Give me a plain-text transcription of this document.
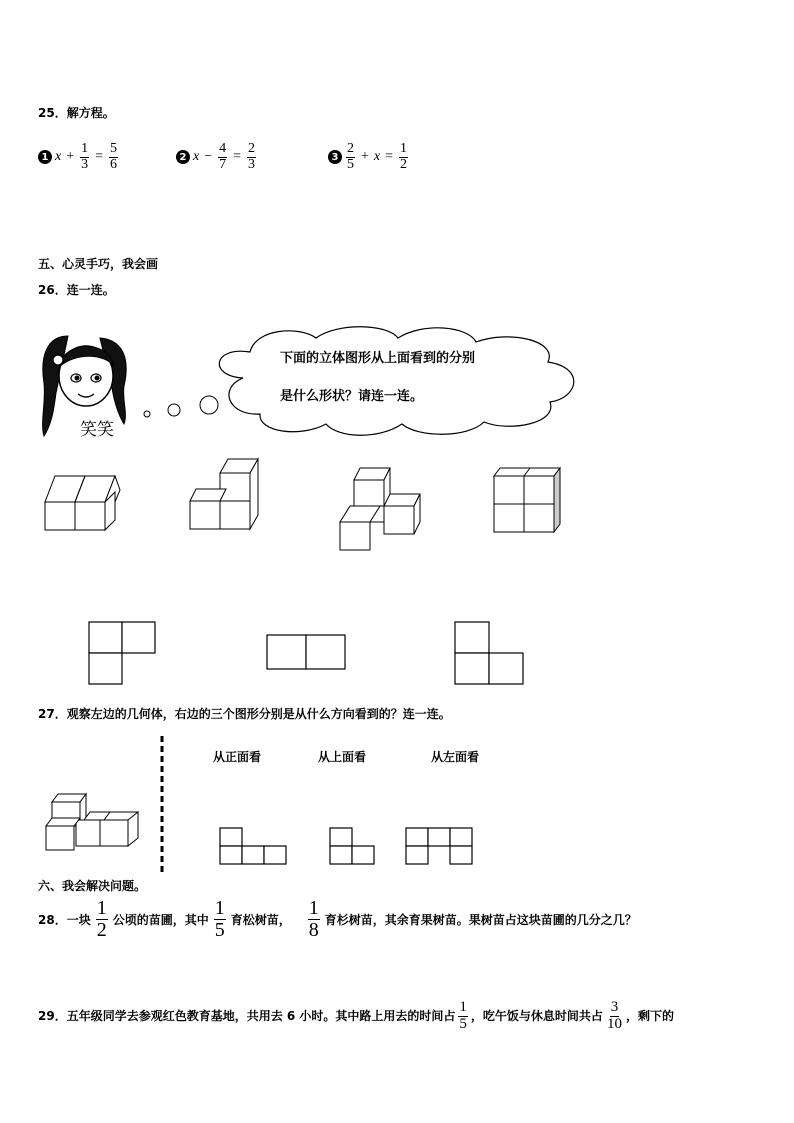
25．解方程。
1 $x + \frac{1}{3} = \frac{5}{6}$	2 $x - \frac{4}{7} = \frac{2}{3}$	$3 \frac{2}{5} + x = \frac{1}{2}$
五、心灵手巧，我会画
26．连一连。
下面的立体图形从上面看到的分别
是什么形状？请连一连。
笑笑
27．观察左边的几何体，右边的三个图形分别是从什么方向看到的？连一连。
从正面看	从上面看	从左面看
六、我会解决问题。
28．一块 $\frac{1}{2}$ 公顷的苗圃，其中 $\frac{1}{5}$ 育松树苗， $\frac{1}{8}$ 育杉树苗，其余育果树苗。果树苗占这块苗圃的几分之几？
29．五年级同学去参观红色教育基地，共用去 6 小时。其中路上用去的时间占 $\frac{1}{5}$ ，吃午饭与休息时间共占 $\frac{3}{10}$ ，剩下的
